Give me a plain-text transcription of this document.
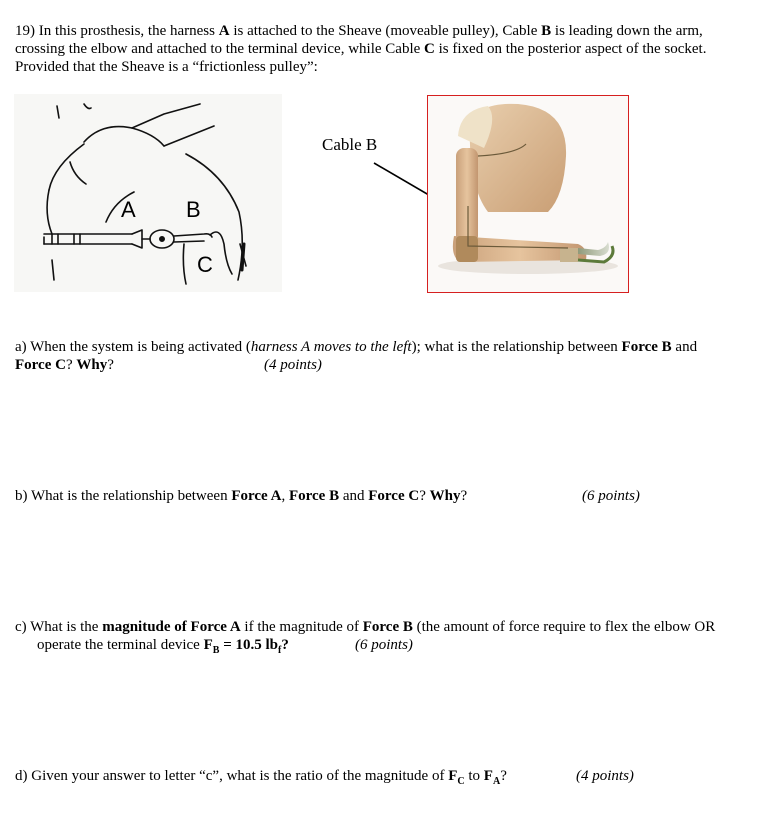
19) In this prosthesis, the harness A is attached to the Sheave (moveable pulley), Cable B is leading down the arm,
crossing the elbow and attached to the terminal device, while Cable C is fixed on the posterior aspect of the socket.
Provided that the Sheave is a “frictionless pulley”:
A B
C
Cable B
a) When the system is being activated (harness A moves to the left); what is the relationship between Force B and
Force C? Why?	(4 points)
b) What is the relationship between Force A, Force B and Force C? Why?	(6 points)
c) What is the magnitude of Force A if the magnitude of Force B (the amount of force require to flex the elbow OR
operate the terminal device $F_B = 10.5$ $lb_f$?	(6 points)
d) Given your answer to letter “c”, what is the ratio of the magnitude of $F_C$ to $F_A$?	(4 points)
